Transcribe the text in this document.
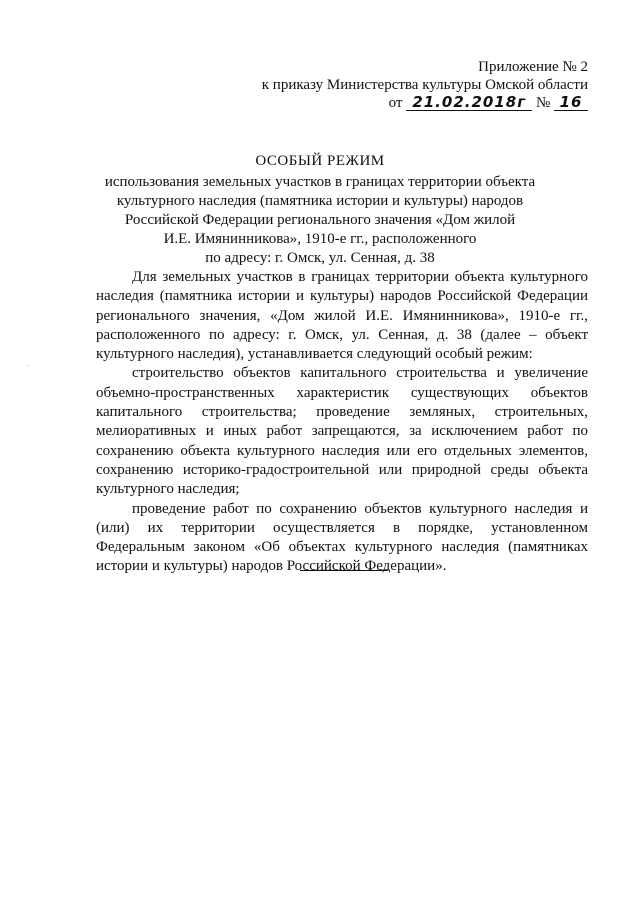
Приложение № 2
к приказу Министерства культуры Омской области
от 21.02.2018г № 16
ОСОБЫЙ РЕЖИМ
использования земельных участков в границах территории объекта
культурного наследия (памятника истории и культуры) народов
Российской Федерации регионального значения «Дом жилой
И.Е. Имянинникова», 1910-е гг., расположенного
по адресу: г. Омск, ул. Сенная, д. 38

Для земельных участков в границах территории объекта культурного наследия (памятника истории и культуры) народов Российской Федерации регионального значения, «Дом жилой И.Е. Имянинникова», 1910-е гг., расположенного по адресу: г. Омск, ул. Сенная, д. 38 (далее – объект культурного наследия), устанавливается следующий особый режим:

строительство объектов капитального строительства и увеличение объемно-пространственных характеристик существующих объектов капитального строительства; проведение земляных, строительных, мелиоративных и иных работ запрещаются, за исключением работ по сохранению объекта культурного наследия или его отдельных элементов, сохранению историко-градостроительной или природной среды объекта культурного наследия;

проведение работ по сохранению объектов культурного наследия и (или) их территории осуществляется в порядке, установленном Федеральным законом «Об объектах культурного наследия (памятниках истории и культуры) народов Российской Федерации».
